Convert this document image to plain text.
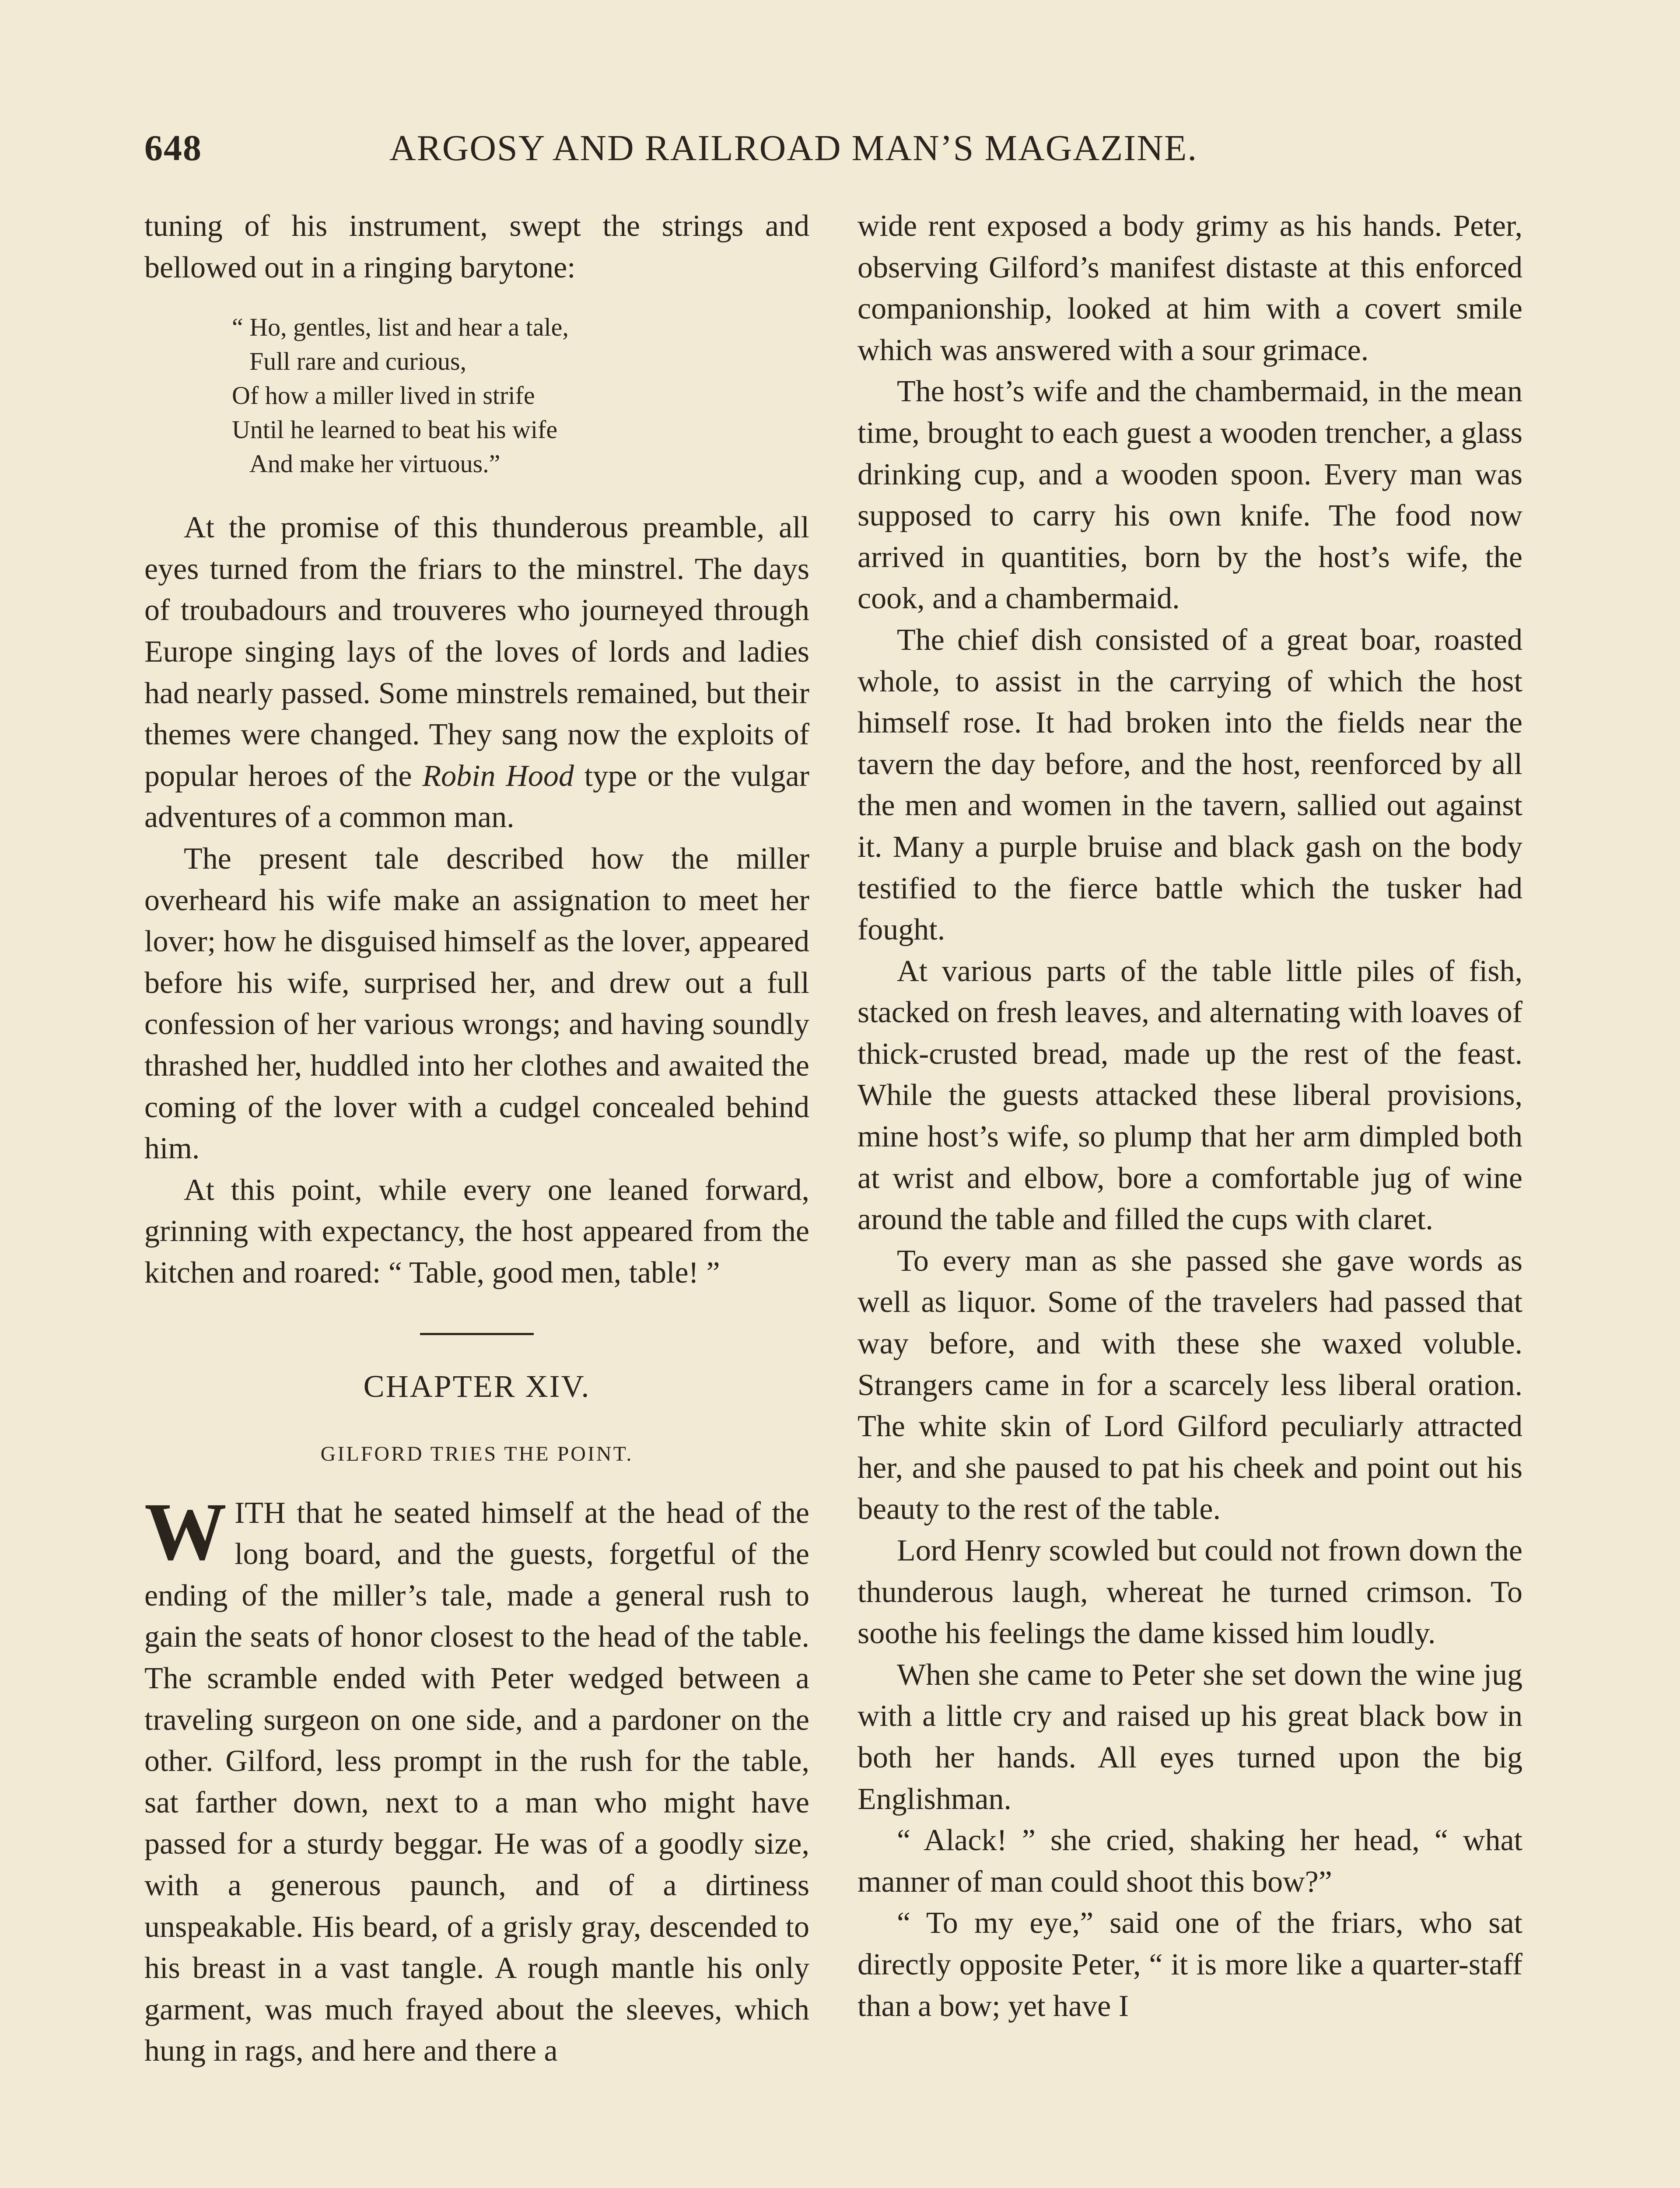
648	ARGOSY AND RAILROAD MAN’S MAGAZINE.

tuning of his instrument, swept the strings and bellowed out in a ringing barytone:

“ Ho, gentles, list and hear a tale,
Full rare and curious,
Of how a miller lived in strife
Until he learned to beat his wife
And make her virtuous.”

At the promise of this thunderous preamble, all eyes turned from the friars to the minstrel. The days of troubadours and trouveres who journeyed through Europe singing lays of the loves of lords and ladies had nearly passed. Some minstrels remained, but their themes were changed. They sang now the exploits of popular heroes of the Robin Hood type or the vulgar adventures of a common man.

The present tale described how the miller overheard his wife make an assignation to meet her lover; how he disguised himself as the lover, appeared before his wife, surprised her, and drew out a full confession of her various wrongs; and having soundly thrashed her, huddled into her clothes and awaited the coming of the lover with a cudgel concealed behind him.

At this point, while every one leaned forward, grinning with expectancy, the host appeared from the kitchen and roared: “ Table, good men, table! ”

CHAPTER XIV.
GILFORD TRIES THE POINT.

WITH that he seated himself at the head of the long board, and the guests, forgetful of the ending of the miller’s tale, made a general rush to gain the seats of honor closest to the head of the table. The scramble ended with Peter wedged between a traveling surgeon on one side, and a pardoner on the other. Gilford, less prompt in the rush for the table, sat farther down, next to a man who might have passed for a sturdy beggar. He was of a goodly size, with a generous paunch, and of a dirtiness unspeakable. His beard, of a grisly gray, descended to his breast in a vast tangle. A rough mantle his only garment, was much frayed about the sleeves, which hung in rags, and here and there a

wide rent exposed a body grimy as his hands. Peter, observing Gilford’s manifest distaste at this enforced companionship, looked at him with a covert smile which was answered with a sour grimace.

The host’s wife and the chambermaid, in the mean time, brought to each guest a wooden trencher, a glass drinking cup, and a wooden spoon. Every man was supposed to carry his own knife. The food now arrived in quantities, born by the host’s wife, the cook, and a chambermaid.

The chief dish consisted of a great boar, roasted whole, to assist in the carrying of which the host himself rose. It had broken into the fields near the tavern the day before, and the host, reenforced by all the men and women in the tavern, sallied out against it. Many a purple bruise and black gash on the body testified to the fierce battle which the tusker had fought.

At various parts of the table little piles of fish, stacked on fresh leaves, and alternating with loaves of thick-crusted bread, made up the rest of the feast. While the guests attacked these liberal provisions, mine host’s wife, so plump that her arm dimpled both at wrist and elbow, bore a comfortable jug of wine around the table and filled the cups with claret.

To every man as she passed she gave words as well as liquor. Some of the travelers had passed that way before, and with these she waxed voluble. Strangers came in for a scarcely less liberal oration. The white skin of Lord Gilford peculiarly attracted her, and she paused to pat his cheek and point out his beauty to the rest of the table.

Lord Henry scowled but could not frown down the thunderous laugh, whereat he turned crimson. To soothe his feelings the dame kissed him loudly.

When she came to Peter she set down the wine jug with a little cry and raised up his great black bow in both her hands. All eyes turned upon the big Englishman.

“ Alack! ” she cried, shaking her head, “ what manner of man could shoot this bow?”

“ To my eye,” said one of the friars, who sat directly opposite Peter, “ it is more like a quarter-staff than a bow; yet have I
